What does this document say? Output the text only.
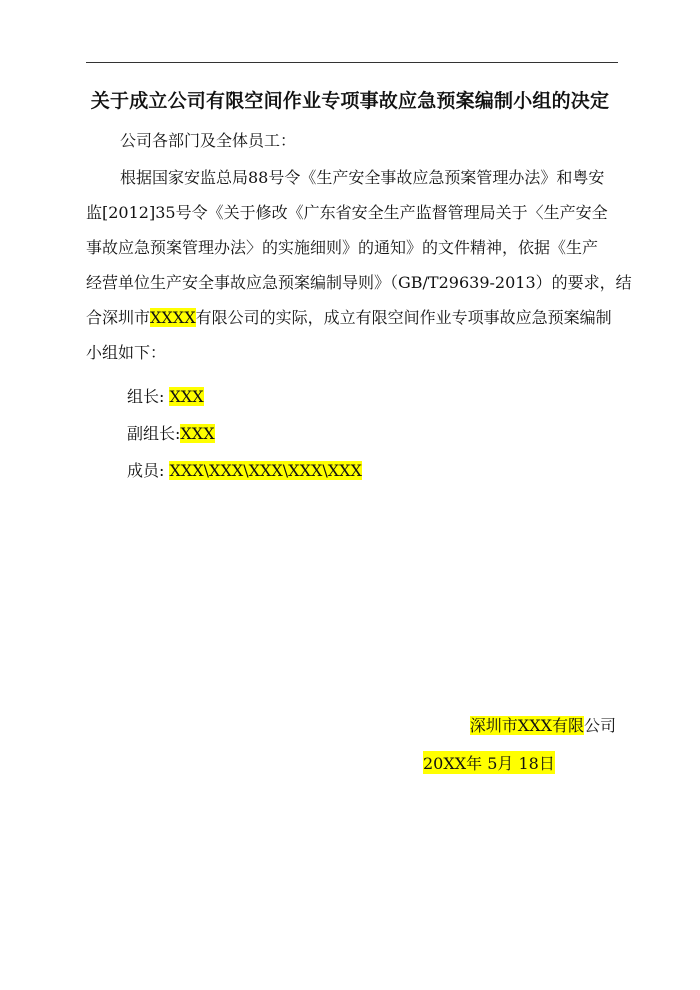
关于成立公司有限空间作业专项事故应急预案编制小组的决定
公司各部门及全体员工：
根据国家安监总局88号令《生产安全事故应急预案管理办法》和粤安
监[2012]35号令《关于修改《广东省安全生产监督管理局关于〈生产安全
事故应急预案管理办法〉的实施细则》的通知》的文件精神，依据《生产
经营单位生产安全事故应急预案编制导则》（GB/T29639-2013）的要求，结
合深圳市XXXX有限公司的实际，成立有限空间作业专项事故应急预案编制
小组如下：
组长: XXX
副组长:XXX
成员: XXX\XXX\XXX\XXX\XXX
深圳市XXX有限公司
20XX年 5月 18日
